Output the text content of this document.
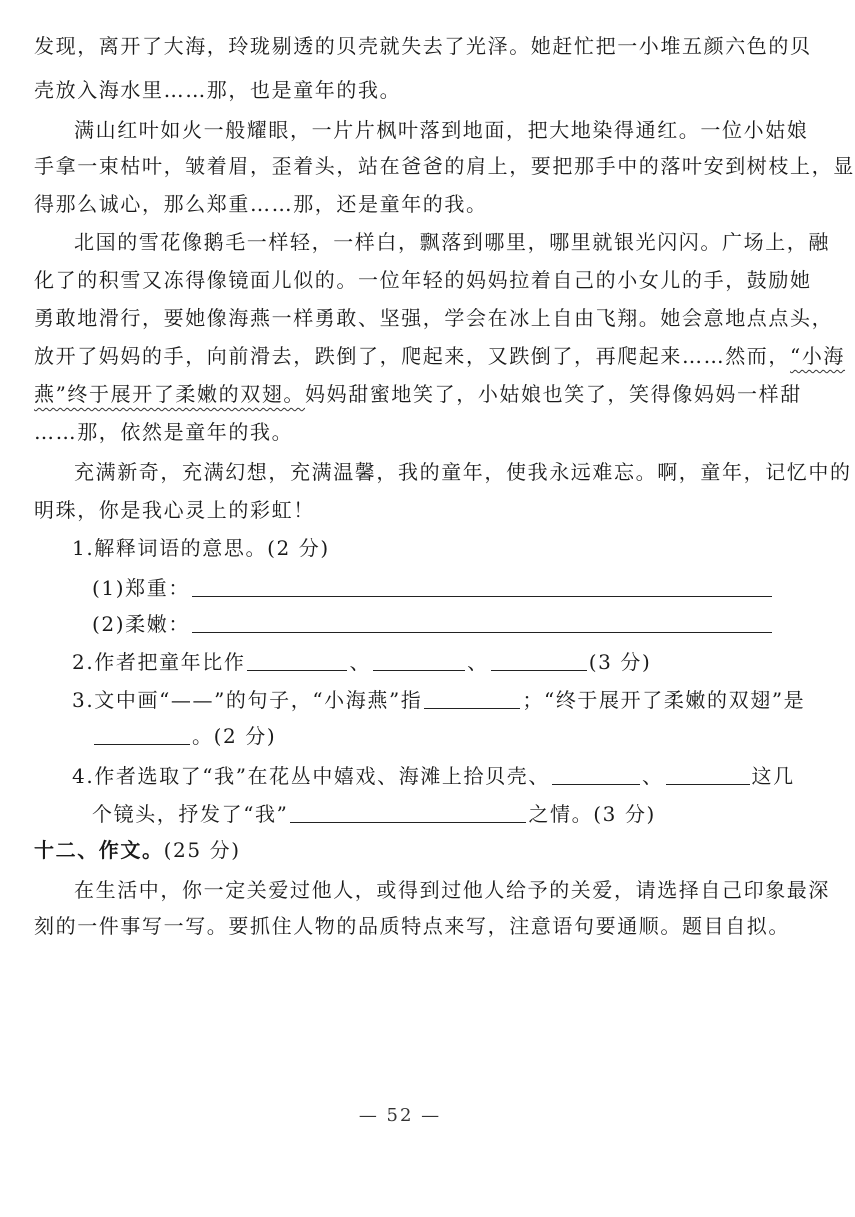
发现，离开了大海，玲珑剔透的贝壳就失去了光泽。她赶忙把一小堆五颜六色的贝
壳放入海水里……那，也是童年的我。
满山红叶如火一般耀眼，一片片枫叶落到地面，把大地染得通红。一位小姑娘
手拿一束枯叶，皱着眉，歪着头，站在爸爸的肩上，要把那手中的落叶安到树枝上，显
得那么诚心，那么郑重……那，还是童年的我。
北国的雪花像鹅毛一样轻，一样白，飘落到哪里，哪里就银光闪闪。广场上，融
化了的积雪又冻得像镜面儿似的。一位年轻的妈妈拉着自己的小女儿的手，鼓励她
勇敢地滑行，要她像海燕一样勇敢、坚强，学会在冰上自由飞翔。她会意地点点头，
放开了妈妈的手，向前滑去，跌倒了，爬起来，又跌倒了，再爬起来……然而，“小海
燕”终于展开了柔嫩的双翅。妈妈甜蜜地笑了，小姑娘也笑了，笑得像妈妈一样甜
……那，依然是童年的我。
充满新奇，充满幻想，充满温馨，我的童年，使我永远难忘。啊，童年，记忆中的
明珠，你是我心灵上的彩虹！
1.解释词语的意思。(2 分)
(1)郑重：
(2)柔嫩：
2.作者把童年比作	、	、	(3 分)
3.文中画“——”的句子，“小海燕”指	；“终于展开了柔嫩的双翅”是
。(2 分)
4.作者选取了“我”在花丛中嬉戏、海滩上拾贝壳、	、	这几
个镜头，抒发了“我”	之情。(3 分)
十二、作文。(25 分)
在生活中，你一定关爱过他人，或得到过他人给予的关爱，请选择自己印象最深
刻的一件事写一写。要抓住人物的品质特点来写，注意语句要通顺。题目自拟。
— 52 —
